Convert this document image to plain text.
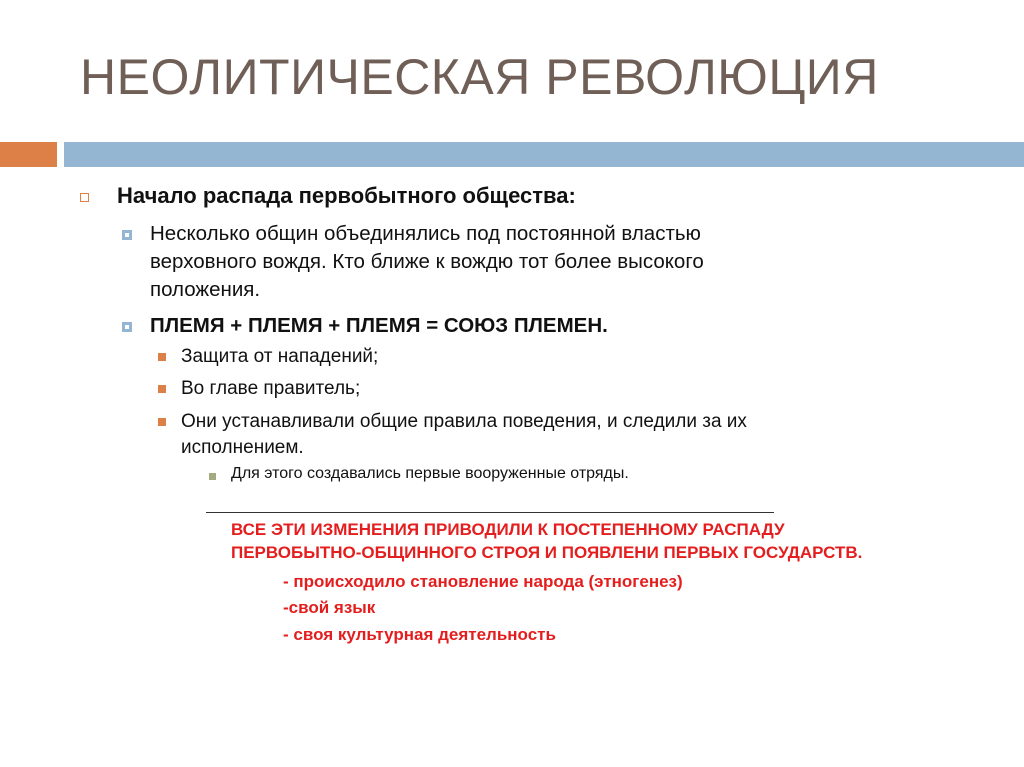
НЕОЛИТИЧЕСКАЯ РЕВОЛЮЦИЯ
Начало распада первобытного общества:
Несколько общин объединялись под постоянной властью
верховного вождя. Кто ближе к вождю тот более высокого
положения.
ПЛЕМЯ + ПЛЕМЯ + ПЛЕМЯ = СОЮЗ ПЛЕМЕН.
Защита от нападений;
Во главе правитель;
Они устанавливали общие правила поведения, и следили за их
исполнением.
Для этого создавались первые вооруженные отряды.
ВСЕ ЭТИ ИЗМЕНЕНИЯ ПРИВОДИЛИ К ПОСТЕПЕННОМУ РАСПАДУ
ПЕРВОБЫТНО-ОБЩИННОГО СТРОЯ И ПОЯВЛЕНИ ПЕРВЫХ ГОСУДАРСТВ.
- происходило становление народа (этногенез)
-свой язык
- своя культурная деятельность
